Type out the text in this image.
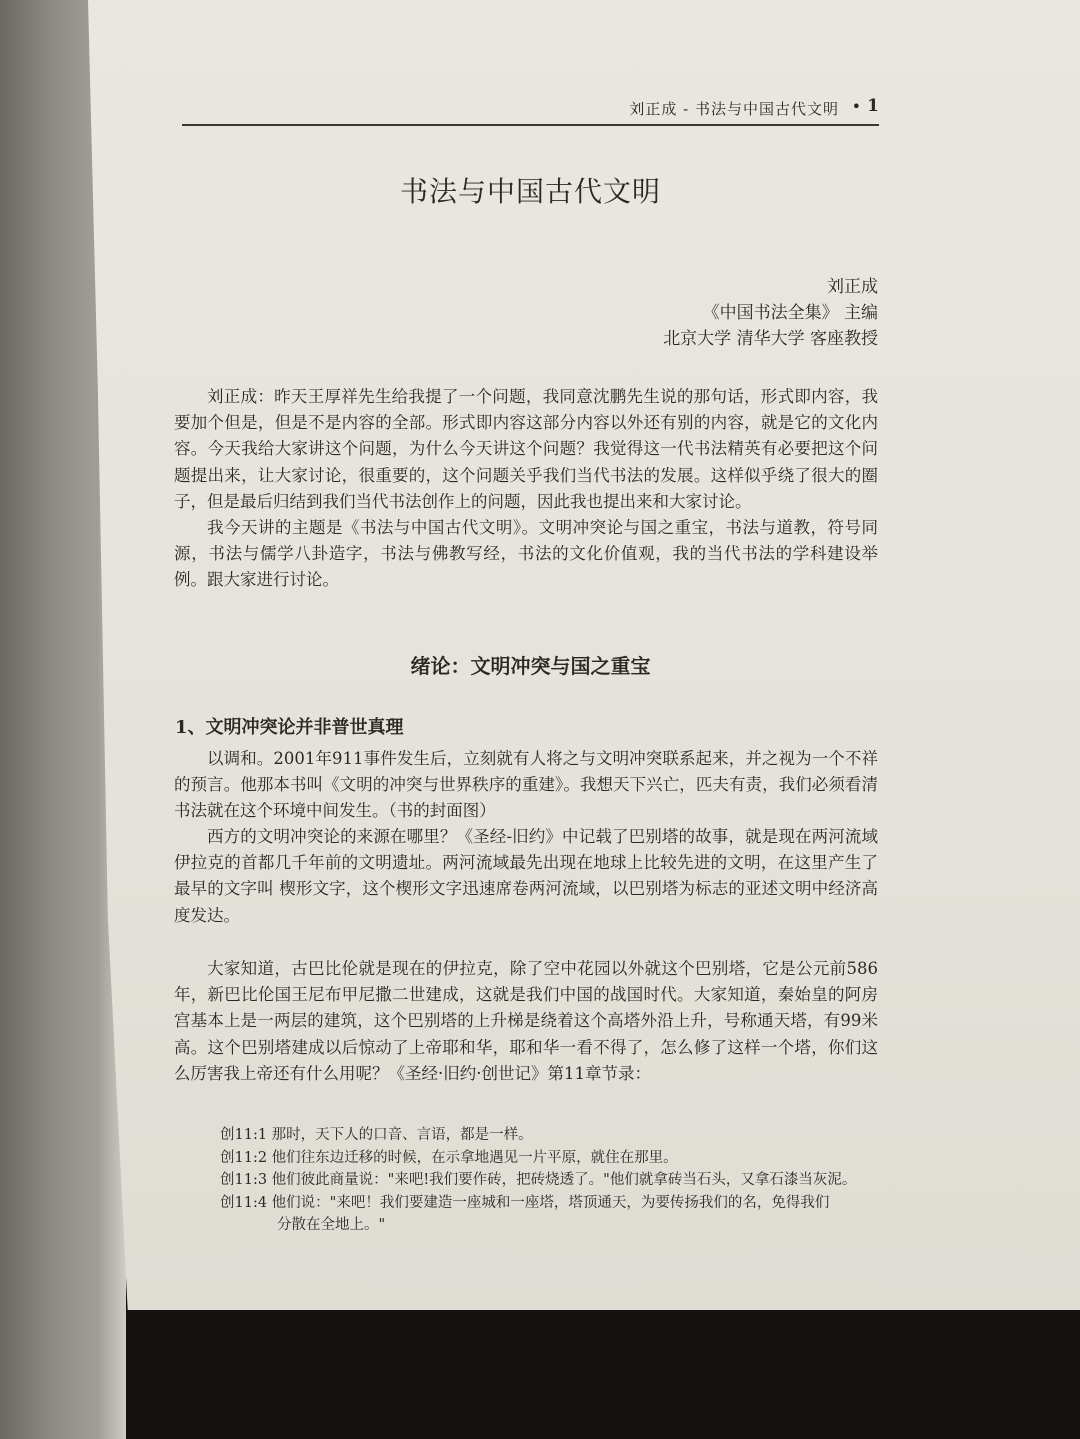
刘正成 - 书法与中国古代文明 • 1
书法与中国古代文明
刘正成
《中国书法全集》 主编
北京大学 清华大学 客座教授
刘正成：昨天王厚祥先生给我提了一个问题，我同意沈鹏先生说的那句话，形式即内容，我要加个但是，但是不是内容的全部。形式即内容这部分内容以外还有别的内容，就是它的文化内容。今天我给大家讲这个问题，为什么今天讲这个问题？我觉得这一代书法精英有必要把这个问题提出来，让大家讨论，很重要的，这个问题关乎我们当代书法的发展。这样似乎绕了很大的圈子，但是最后归结到我们当代书法创作上的问题，因此我也提出来和大家讨论。
我今天讲的主题是《书法与中国古代文明》。文明冲突论与国之重宝，书法与道教，符号同源，书法与儒学八卦造字，书法与佛教写经，书法的文化价值观，我的当代书法的学科建设举例。跟大家进行讨论。
绪论：文明冲突与国之重宝
1、文明冲突论并非普世真理
以调和。2001年911事件发生后，立刻就有人将之与文明冲突联系起来，并之视为一个不祥的预言。他那本书叫《文明的冲突与世界秩序的重建》。我想天下兴亡，匹夫有责，我们必须看清书法就在这个环境中间发生。（书的封面图）
西方的文明冲突论的来源在哪里？《圣经-旧约》中记载了巴别塔的故事，就是现在两河流域伊拉克的首都几千年前的文明遗址。两河流域最先出现在地球上比较先进的文明，在这里产生了最早的文字叫 楔形文字，这个楔形文字迅速席卷两河流域，以巴别塔为标志的亚述文明中经济高度发达。
大家知道，古巴比伦就是现在的伊拉克，除了空中花园以外就这个巴别塔，它是公元前586年，新巴比伦国王尼布甲尼撒二世建成，这就是我们中国的战国时代。大家知道，秦始皇的阿房宫基本上是一两层的建筑，这个巴别塔的上升梯是绕着这个高塔外沿上升，号称通天塔，有99米高。这个巴别塔建成以后惊动了上帝耶和华，耶和华一看不得了，怎么修了这样一个塔，你们这么厉害我上帝还有什么用呢？《圣经·旧约·创世记》第11章节录：
创11:1 那时，天下人的口音、言语，都是一样。
创11:2 他们往东边迁移的时候，在示拿地遇见一片平原，就住在那里。
创11:3 他们彼此商量说："来吧!我们要作砖，把砖烧透了。"他们就拿砖当石头，又拿石漆当灰泥。
创11:4 他们说："来吧！我们要建造一座城和一座塔，塔顶通天，为要传扬我们的名，免得我们
分散在全地上。"
